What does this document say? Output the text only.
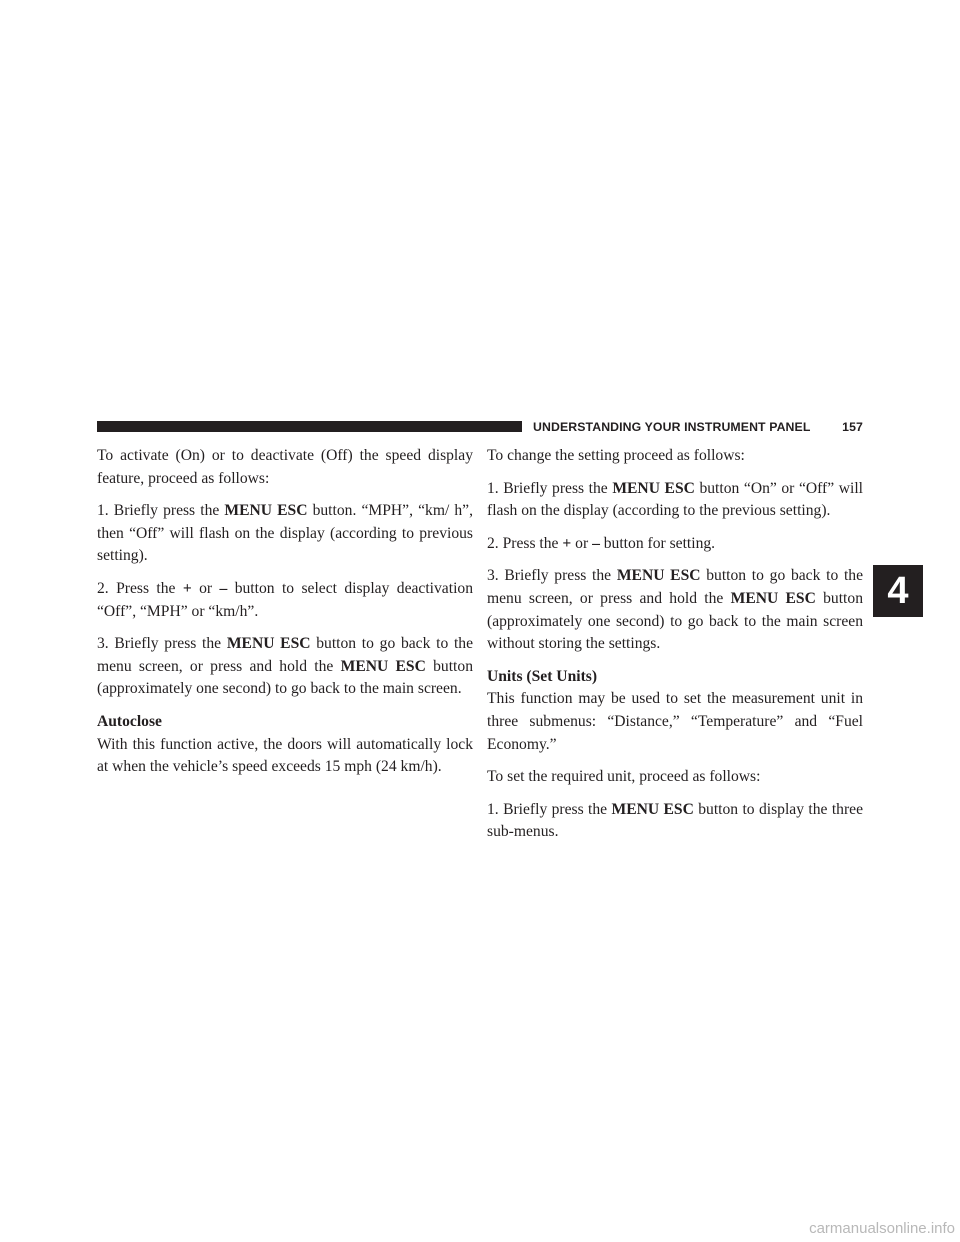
UNDERSTANDING YOUR INSTRUMENT PANEL	157

To activate (On) or to deactivate (Off) the speed display feature, proceed as follows:

1. Briefly press the MENU ESC button. “MPH”, “km/ h”, then “Off” will flash on the display (according to previous setting).

2. Press the + or – button to select display deactivation “Off”, “MPH” or “km/h”.

3. Briefly press the MENU ESC button to go back to the menu screen, or press and hold the MENU ESC button (approximately one second) to go back to the main screen.

Autoclose

With this function active, the doors will automatically lock at when the vehicle’s speed exceeds 15 mph (24 km/h).

To change the setting proceed as follows:

1. Briefly press the MENU ESC button “On” or “Off” will flash on the display (according to the previous setting).

2. Press the + or – button for setting.

3. Briefly press the MENU ESC button to go back to the menu screen, or press and hold the MENU ESC button (approximately one second) to go back to the main screen without storing the settings.

Units (Set Units)

This function may be used to set the measurement unit in three submenus: “Distance,” “Temperature” and “Fuel Economy.”

To set the required unit, proceed as follows:

1. Briefly press the MENU ESC button to display the three sub-menus.

4
carmanualsonline.info
